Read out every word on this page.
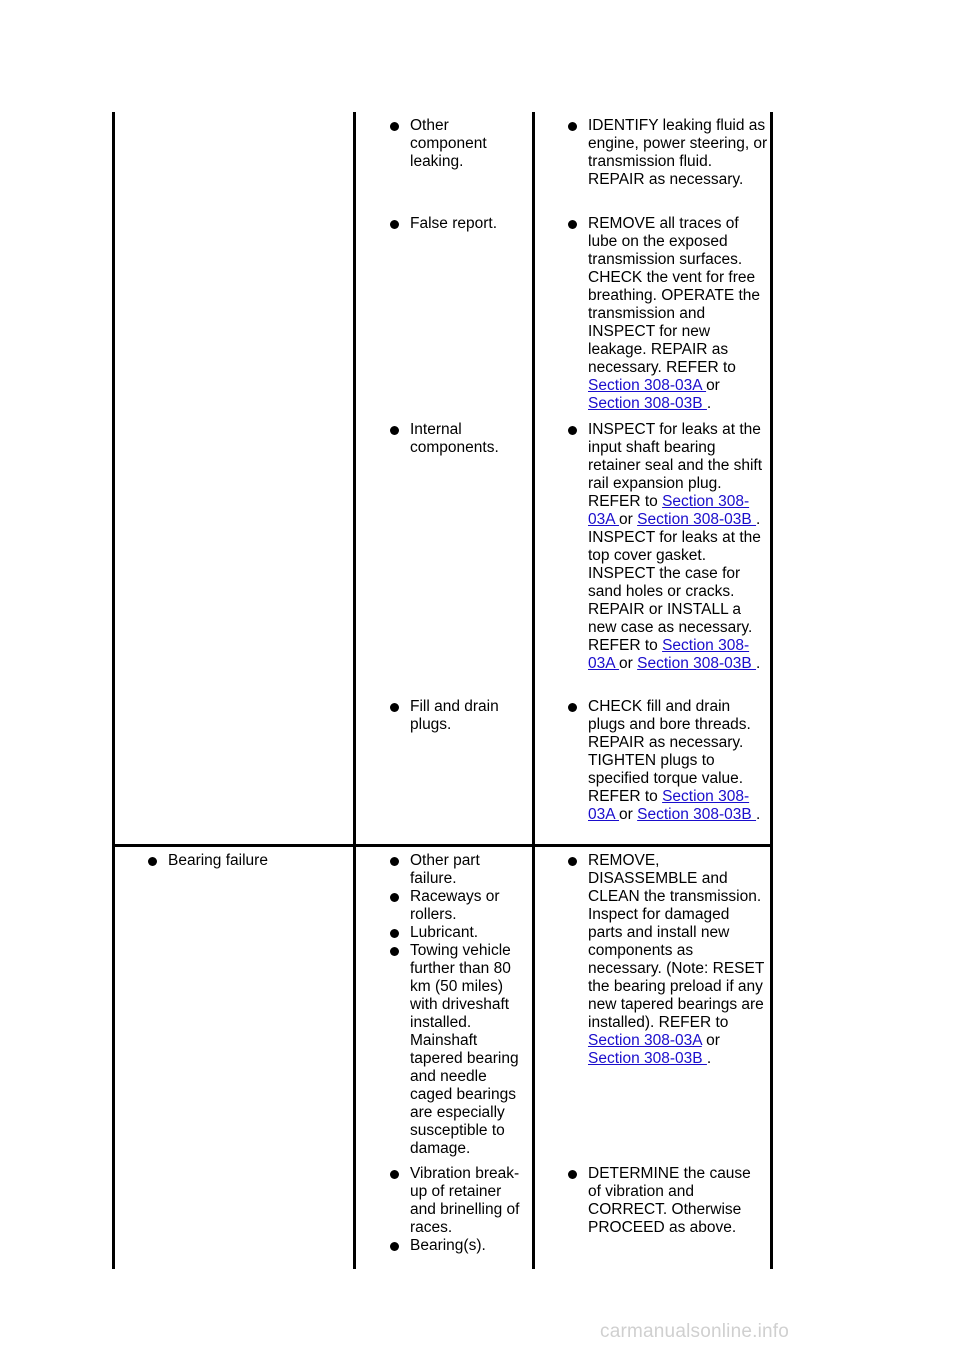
Other component leaking.
False report.
Internal components.
Fill and drain plugs.
IDENTIFY leaking fluid as engine, power steering, or transmission fluid. REPAIR as necessary.
REMOVE all traces of lube on the exposed transmission surfaces. CHECK the vent for free breathing. OPERATE the transmission and INSPECT for new leakage. REPAIR as necessary. REFER to Section 308-03A or Section 308-03B .
INSPECT for leaks at the input shaft bearing retainer seal and the shift rail expansion plug. REFER to Section 308-03A or Section 308-03B . INSPECT for leaks at the top cover gasket. INSPECT the case for sand holes or cracks. REPAIR or INSTALL a new case as necessary. REFER to Section 308-03A or Section 308-03B .
CHECK fill and drain plugs and bore threads. REPAIR as necessary. TIGHTEN plugs to specified torque value. REFER to Section 308-03A or Section 308-03B .
Bearing failure	Other part failure.
Raceways or rollers.
Lubricant.
Towing vehicle further than 80 km (50 miles) with driveshaft installed. Mainshaft tapered bearing and needle caged bearings are especially susceptible to damage.
Vibration break-up of retainer and brinelling of races.
Bearing(s).
REMOVE, DISASSEMBLE and CLEAN the transmission. Inspect for damaged parts and install new components as necessary. (Note: RESET the bearing preload if any new tapered bearings are installed). REFER to Section 308-03A or Section 308-03B .
DETERMINE the cause of vibration and CORRECT. Otherwise PROCEED as above.
carmanualsonline.info
